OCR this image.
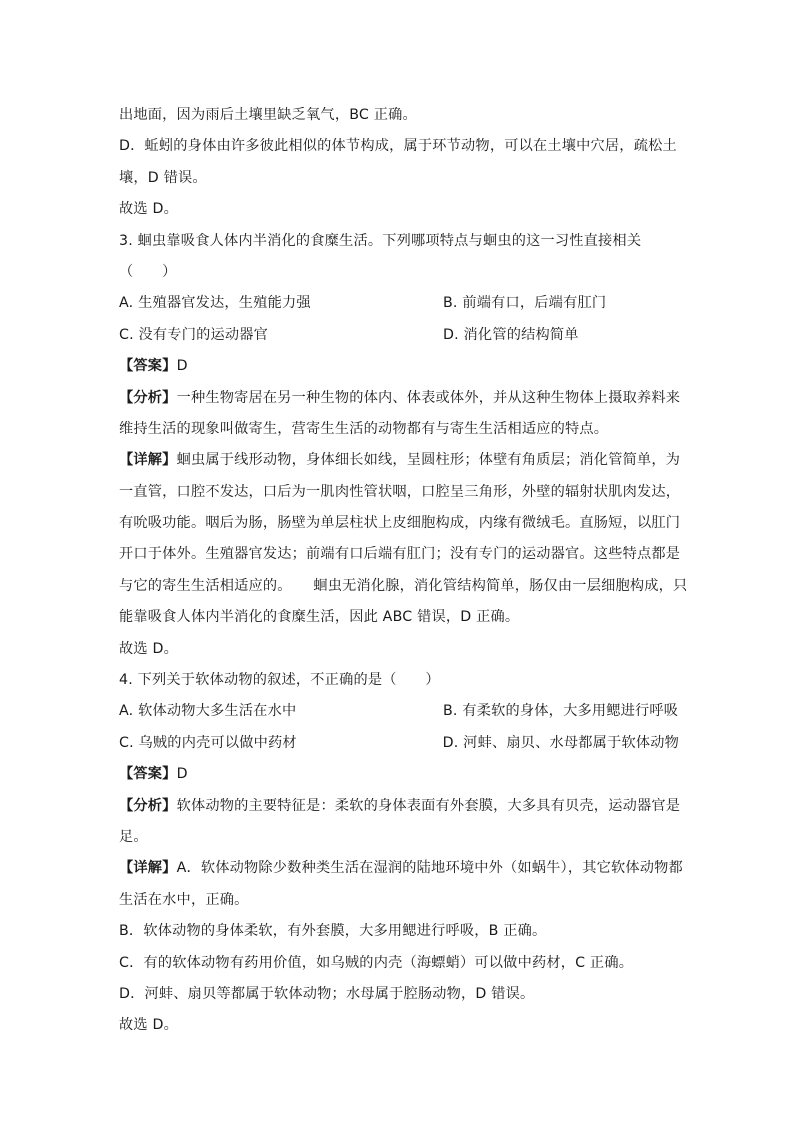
出地面，因为雨后土壤里缺乏氧气，BC 正确。
D．蚯蚓的身体由许多彼此相似的体节构成，属于环节动物，可以在土壤中穴居，疏松土
壤，D 错误。
故选 D。
3. 蛔虫靠吸食人体内半消化的食糜生活。下列哪项特点与蛔虫的这一习性直接相关
（　　）
A. 生殖器官发达，生殖能力强	B. 前端有口，后端有肛门
C. 没有专门的运动器官	D. 消化管的结构简单
【答案】D
【分析】一种生物寄居在另一种生物的体内、体表或体外，并从这种生物体上摄取养料来
维持生活的现象叫做寄生，营寄生生活的动物都有与寄生生活相适应的特点。
【详解】蛔虫属于线形动物，身体细长如线，呈圆柱形；体壁有角质层；消化管简单，为
一直管，口腔不发达，口后为一肌肉性管状咽，口腔呈三角形，外壁的辐射状肌肉发达，
有吮吸功能。咽后为肠，肠壁为单层柱状上皮细胞构成，内缘有微绒毛。直肠短，以肛门
开口于体外。生殖器官发达；前端有口后端有肛门；没有专门的运动器官。这些特点都是
与它的寄生生活相适应的。　　蛔虫无消化腺，消化管结构简单，肠仅由一层细胞构成，只
能靠吸食人体内半消化的食糜生活，因此 ABC 错误，D 正确。
故选 D。
4. 下列关于软体动物的叙述，不正确的是（　　）
A. 软体动物大多生活在水中	B. 有柔软的身体，大多用鳃进行呼吸
C. 乌贼的内壳可以做中药材	D. 河蚌、扇贝、水母都属于软体动物
【答案】D
【分析】软体动物的主要特征是：柔软的身体表面有外套膜，大多具有贝壳，运动器官是
足。
【详解】A．软体动物除少数种类生活在湿润的陆地环境中外（如蜗牛），其它软体动物都
生活在水中，正确。
B．软体动物的身体柔软，有外套膜，大多用鳃进行呼吸，B 正确。
C．有的软体动物有药用价值，如乌贼的内壳（海螵蛸）可以做中药材，C 正确。
D．河蚌、扇贝等都属于软体动物；水母属于腔肠动物，D 错误。
故选 D。
